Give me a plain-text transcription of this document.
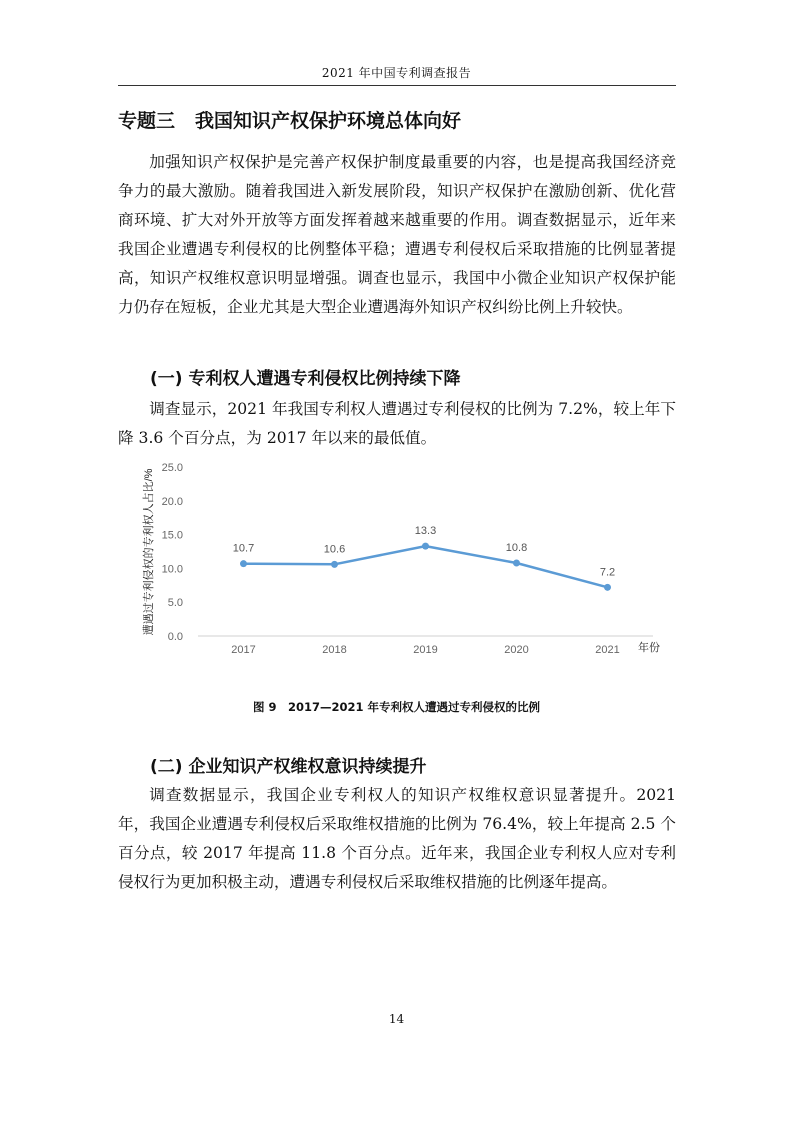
2021 年中国专利调查报告
专题三 我国知识产权保护环境总体向好

加强知识产权保护是完善产权保护制度最重要的内容，也是提高我国经济竞争力的最大激励。随着我国进入新发展阶段，知识产权保护在激励创新、优化营商环境、扩大对外开放等方面发挥着越来越重要的作用。调查数据显示，近年来我国企业遭遇专利侵权的比例整体平稳；遭遇专利侵权后采取措施的比例显著提高，知识产权维权意识明显增强。调查也显示，我国中小微企业知识产权保护能力仍存在短板，企业尤其是大型企业遭遇海外知识产权纠纷比例上升较快。

(一) 专利权人遭遇专利侵权比例持续下降

调查显示，2021 年我国专利权人遭遇过专利侵权的比例为 7.2%，较上年下降 3.6 个百分点，为 2017 年以来的最低值。

0.0
5.0
10.0
15.0
20.0
25.0
2017	2018	2019	2020	2021
10.7	10.6
13.3
10.8
7.2
遭遇过专利侵权的专利权人占比/%
年份
图 9　2017—2021 年专利权人遭遇过专利侵权的比例
(二) 企业知识产权维权意识持续提升

调查数据显示，我国企业专利权人的知识产权维权意识显著提升。2021 年，我国企业遭遇专利侵权后采取维权措施的比例为 76.4%，较上年提高 2.5 个百分点，较 2017 年提高 11.8 个百分点。近年来，我国企业专利权人应对专利侵权行为更加积极主动，遭遇专利侵权后采取维权措施的比例逐年提高。

14
